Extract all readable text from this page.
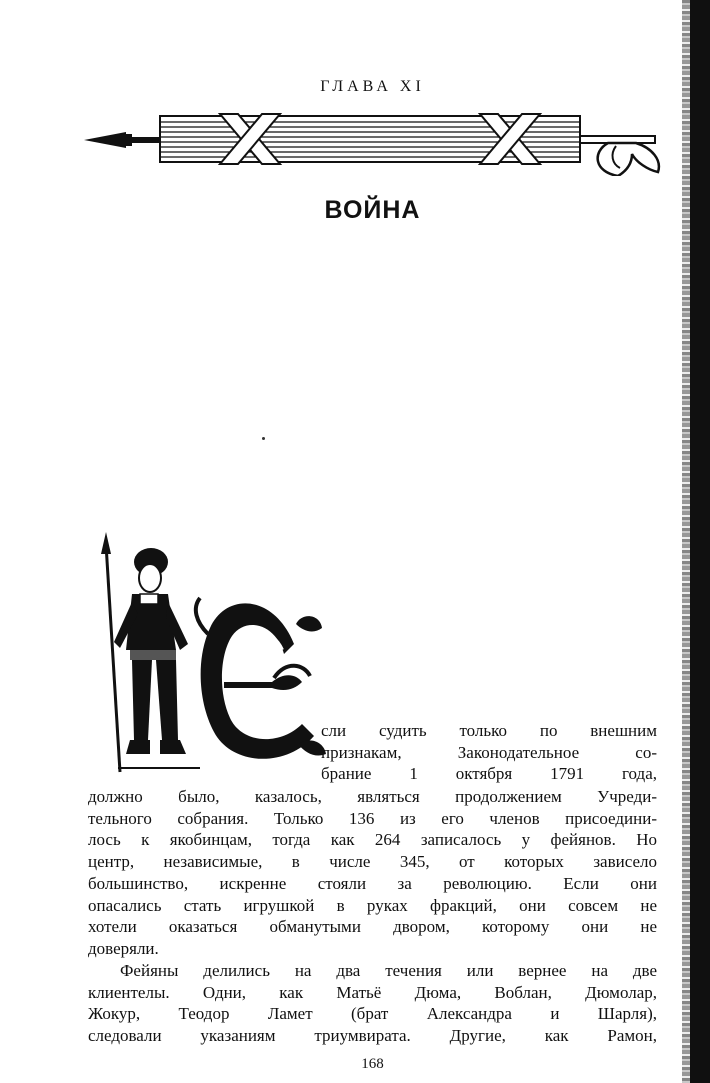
ГЛАВА XI
ВОЙНА
сли судить только по внешним
признакам, Законодательное со-
брание 1 октября 1791 года,
должно было, казалось, являться продолжением Учреди-
тельного собрания. Только 136 из его членов присоедини-
лось к якобинцам, тогда как 264 записалось у фейянов. Но
центр, независимые, в числе 345, от которых зависело
большинство, искренне стояли за революцию. Если они
опасались стать игрушкой в руках фракций, они совсем не
хотели оказаться обманутыми двором, которому они не
доверяли.
Фейяны делились на два течения или вернее на две
клиентелы. Одни, как Матьё Дюма, Воблан, Дюмолар,
Жокур, Теодор Ламет (брат Александра и Шарля),
следовали указаниям триумвирата. Другие, как Рамон,
168
